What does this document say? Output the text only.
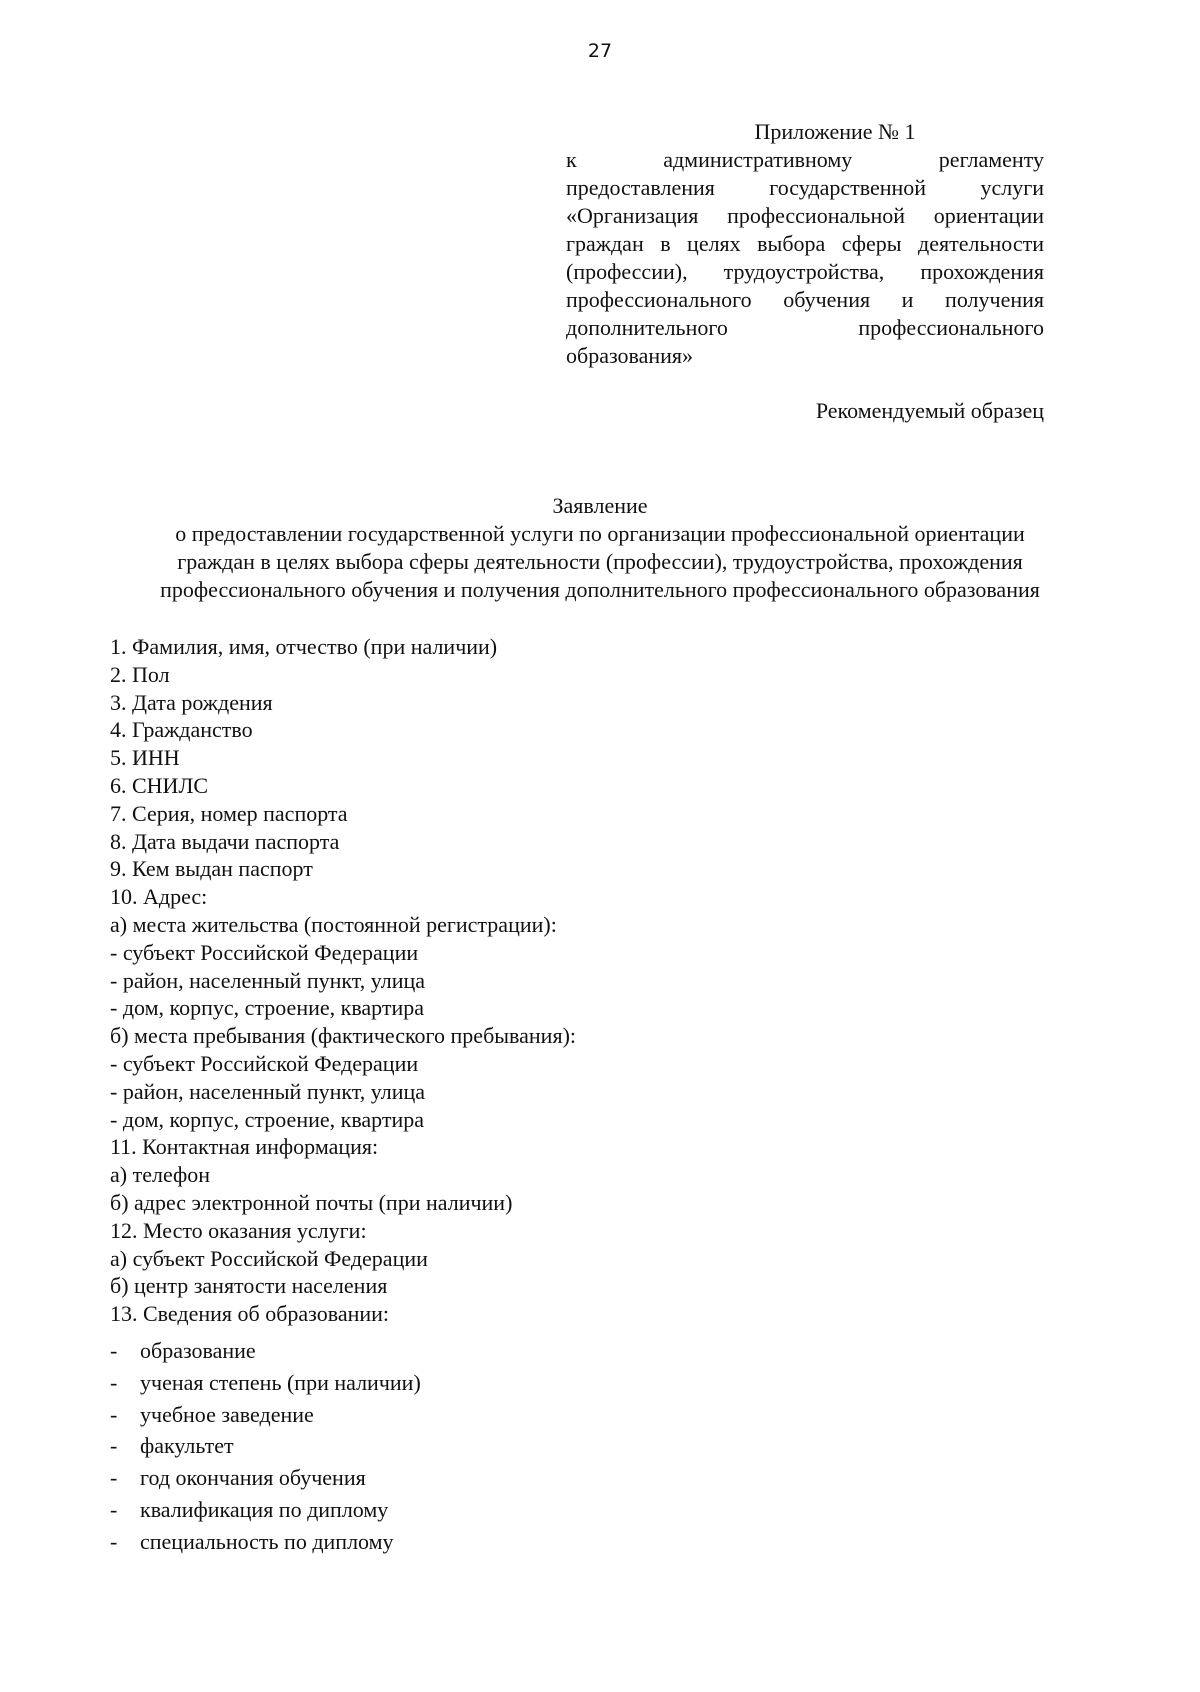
27
Приложение № 1
к административному регламенту
предоставления государственной услуги
«Организация профессиональной ориентации
граждан в целях выбора сферы деятельности
(профессии), трудоустройства, прохождения
профессионального обучения и получения
дополнительного профессионального
образования»
Рекомендуемый образец
Заявление
о предоставлении государственной услуги по организации профессиональной ориентации
граждан в целях выбора сферы деятельности (профессии), трудоустройства, прохождения
профессионального обучения и получения дополнительного профессионального образования
1. Фамилия, имя, отчество (при наличии)
2. Пол
3. Дата рождения
4. Гражданство
5. ИНН
6. СНИЛС
7. Серия, номер паспорта
8. Дата выдачи паспорта
9. Кем выдан паспорт
10. Адрес:
а) места жительства (постоянной регистрации):
- субъект Российской Федерации
- район, населенный пункт, улица
- дом, корпус, строение, квартира
б) места пребывания (фактического пребывания):
- субъект Российской Федерации
- район, населенный пункт, улица
- дом, корпус, строение, квартира
11. Контактная информация:
а) телефон
б) адрес электронной почты (при наличии)
12. Место оказания услуги:
а) субъект Российской Федерации
б) центр занятости населения
13. Сведения об образовании:
- образование
- ученая степень (при наличии)
- учебное заведение
- факультет
- год окончания обучения
- квалификация по диплому
- специальность по диплому
